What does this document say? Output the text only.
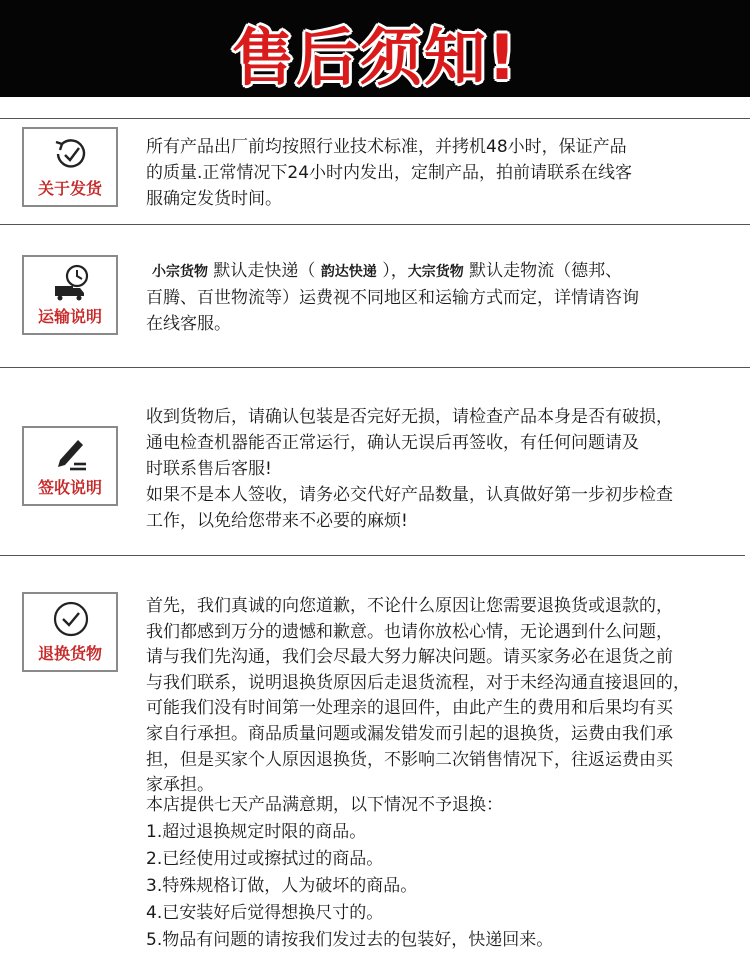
售后须知!
关于发货

所有产品出厂前均按照行业技术标准，并拷机48小时，保证产品

的质量.正常情况下24小时内发出，定制产品，拍前请联系在线客

服确定发货时间。

运输说明

小宗货物 默认走快递（ 韵达快递 ），大宗货物 默认走物流（德邦、

百腾、百世物流等）运费视不同地区和运输方式而定，详情请咨询

在线客服。

签收说明

收到货物后，请确认包装是否完好无损，请检查产品本身是否有破损，

通电检查机器能否正常运行，确认无误后再签收，有任何问题请及

时联系售后客服!

如果不是本人签收，请务必交代好产品数量，认真做好第一步初步检查

工作，以免给您带来不必要的麻烦!

退换货物

首先，我们真诚的向您道歉，不论什么原因让您需要退换货或退款的，

我们都感到万分的遗憾和歉意。也请你放松心情，无论遇到什么问题，

请与我们先沟通，我们会尽最大努力解决问题。请买家务必在退货之前

与我们联系，说明退换货原因后走退货流程，对于未经沟通直接退回的，

可能我们没有时间第一处理亲的退回件，由此产生的费用和后果均有买

家自行承担。商品质量问题或漏发错发而引起的退换货，运费由我们承

担，但是买家个人原因退换货，不影响二次销售情况下，往返运费由买

家承担。

本店提供七天产品满意期，以下情况不予退换：

1.超过退换规定时限的商品。

2.已经使用过或擦拭过的商品。

3.特殊规格订做，人为破坏的商品。

4.已安装好后觉得想换尺寸的。

5.物品有问题的请按我们发过去的包装好，快递回来。
